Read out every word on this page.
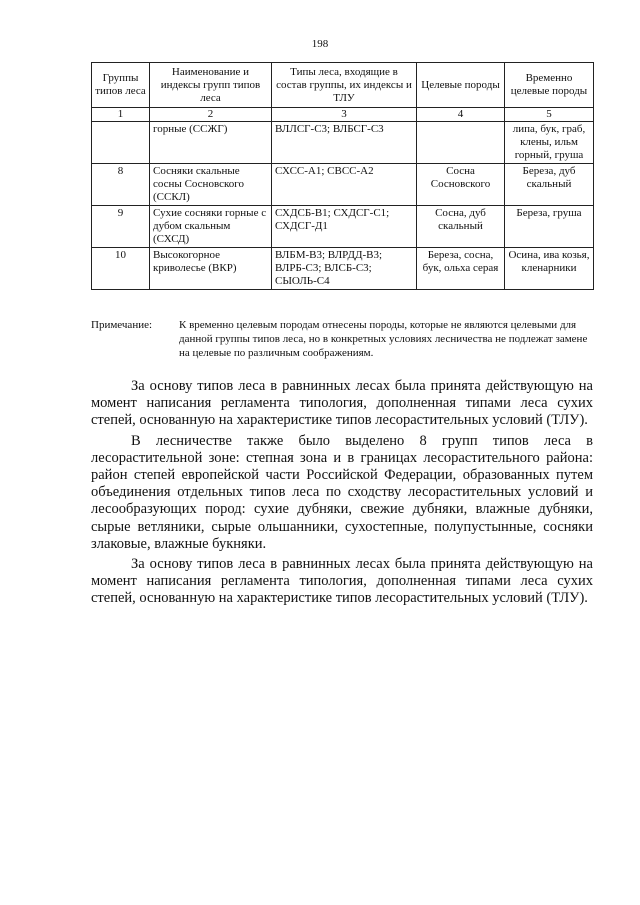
198
Группы типов леса	Наименование и индексы групп типов леса	Типы леса, входящие в состав группы, их индексы и ТЛУ	Целевые породы	Временно целевые породы
1	2	3	4	5
	горные (ССЖГ)	ВЛЛСГ-С3; ВЛБСГ-С3		липа, бук, граб, клены, ильм горный, груша
8	Сосняки скальные сосны Сосновского (ССКЛ)	СХСС-А1; СВСС-А2	Сосна Сосновского	Береза, дуб скальный
9	Сухие сосняки горные с дубом скальным (СХСД)	СХДСБ-В1; СХДСГ-С1; СХДСГ-Д1	Сосна, дуб скальный	Береза, груша
10	Высокогорное криволесье (ВКР)	ВЛБМ-В3; ВЛРДД-В3; ВЛРБ-С3; ВЛСБ-С3; СЫОЛЬ-С4	Береза, сосна, бук, ольха серая	Осина, ива козья, кленарники
Примечание: К временно целевым породам отнесены породы, которые не являются целевыми для данной группы типов леса, но в конкретных условиях лесничества не подлежат замене на целевые по различным соображениям.

За основу типов леса в равнинных лесах была принята действующую на момент написания регламента типология, дополненная типами леса сухих степей, основанную на характеристике типов лесорастительных условий (ТЛУ).

В лесничестве также было выделено 8 групп типов леса в лесорастительной зоне: степная зона и в границах лесорастительного района: район степей европейской части Российской Федерации, образованных путем объединения отдельных типов леса по сходству лесорастительных условий и лесообразующих пород: сухие дубняки, свежие дубняки, влажные дубняки, сырые ветляники, сырые ольшанники, сухостепные, полупустынные, сосняки злаковые, влажные букняки.

За основу типов леса в равнинных лесах была принята действующую на момент написания регламента типология, дополненная типами леса сухих степей, основанную на характеристике типов лесорастительных условий (ТЛУ).
